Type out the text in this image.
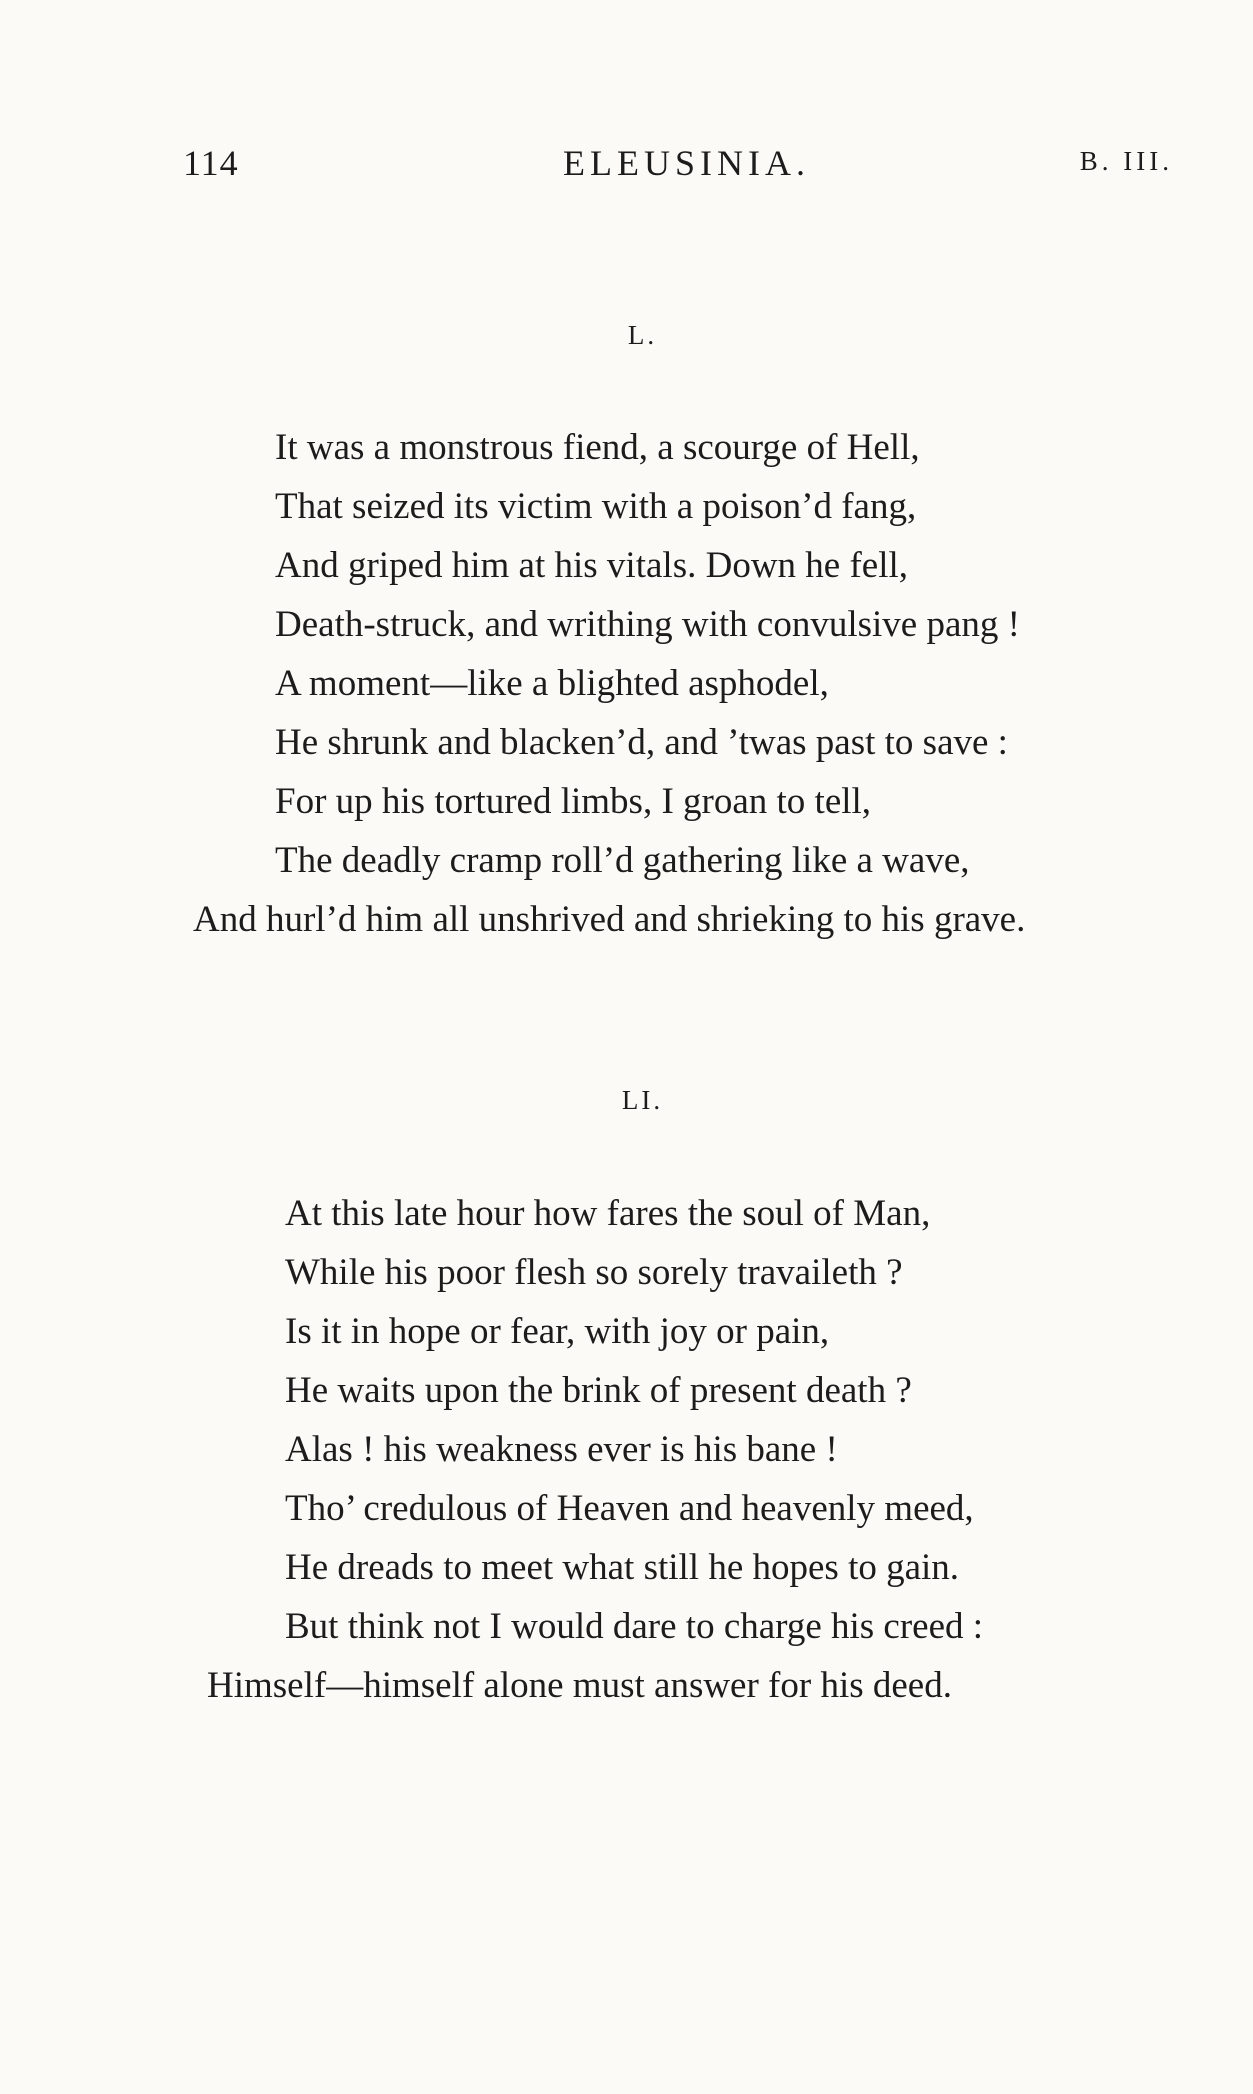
114	ELEUSINIA.	B. III.
L.
It was a monstrous fiend, a scourge of Hell,
That seized its victim with a poison’d fang,
And griped him at his vitals. Down he fell,
Death-struck, and writhing with convulsive pang !
A moment—like a blighted asphodel,
He shrunk and blacken’d, and ’twas past to save :
For up his tortured limbs, I groan to tell,
The deadly cramp roll’d gathering like a wave,
And hurl’d him all unshrived and shrieking to his grave.
LI.
At this late hour how fares the soul of Man,
While his poor flesh so sorely travaileth ?
Is it in hope or fear, with joy or pain,
He waits upon the brink of present death ?
Alas ! his weakness ever is his bane !
Tho’ credulous of Heaven and heavenly meed,
He dreads to meet what still he hopes to gain.
But think not I would dare to charge his creed :
Himself—himself alone must answer for his deed.
